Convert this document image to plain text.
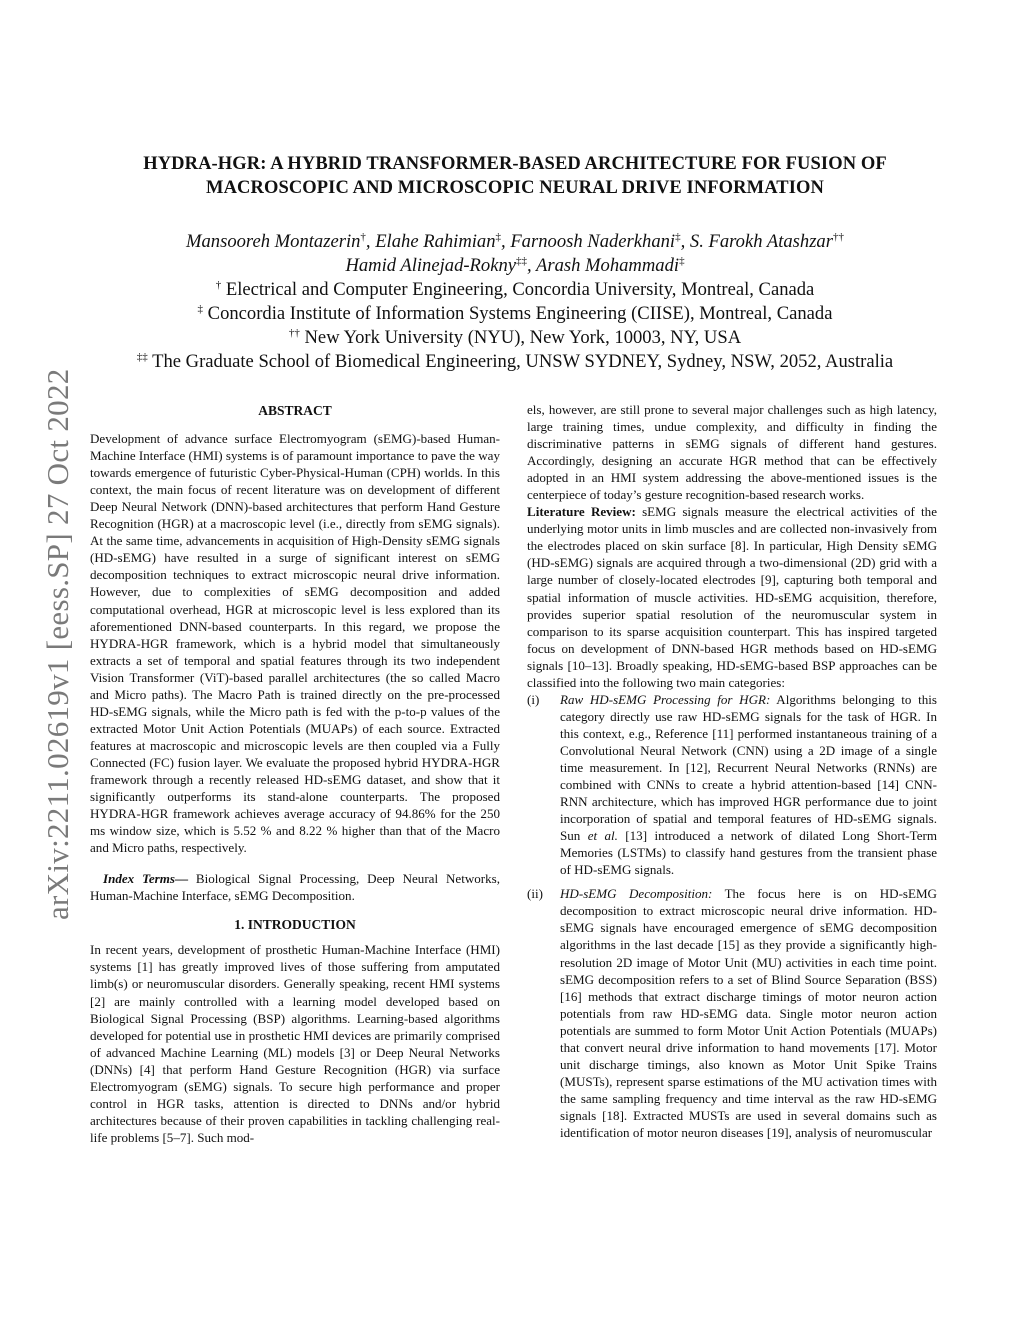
arXiv:2211.02619v1 [eess.SP] 27 Oct 2022
HYDRA-HGR: A HYBRID TRANSFORMER-BASED ARCHITECTURE FOR FUSION OF
MACROSCOPIC AND MICROSCOPIC NEURAL DRIVE INFORMATION
Mansooreh Montazerin†, Elahe Rahimian‡, Farnoosh Naderkhani‡, S. Farokh Atashzar††
Hamid Alinejad-Rokny‡‡, Arash Mohammadi‡
† Electrical and Computer Engineering, Concordia University, Montreal, Canada
‡ Concordia Institute of Information Systems Engineering (CIISE), Montreal, Canada
†† New York University (NYU), New York, 10003, NY, USA
‡‡ The Graduate School of Biomedical Engineering, UNSW SYDNEY, Sydney, NSW, 2052, Australia
ABSTRACT

Development of advance surface Electromyogram (sEMG)-based Human-Machine Interface (HMI) systems is of paramount importance to pave the way towards emergence of futuristic Cyber-Physical-Human (CPH) worlds. In this context, the main focus of recent literature was on development of different Deep Neural Network (DNN)-based architectures that perform Hand Gesture Recognition (HGR) at a macroscopic level (i.e., directly from sEMG signals). At the same time, advancements in acquisition of High-Density sEMG signals (HD-sEMG) have resulted in a surge of significant interest on sEMG decomposition techniques to extract microscopic neural drive information. However, due to complexities of sEMG decomposition and added computational overhead, HGR at microscopic level is less explored than its aforementioned DNN-based counterparts. In this regard, we propose the HYDRA-HGR framework, which is a hybrid model that simultaneously extracts a set of temporal and spatial features through its two independent Vision Transformer (ViT)-based parallel architectures (the so called Macro and Micro paths). The Macro Path is trained directly on the pre-processed HD-sEMG signals, while the Micro path is fed with the p-to-p values of the extracted Motor Unit Action Potentials (MUAPs) of each source. Extracted features at macroscopic and microscopic levels are then coupled via a Fully Connected (FC) fusion layer. We evaluate the proposed hybrid HYDRA-HGR framework through a recently released HD-sEMG dataset, and show that it significantly outperforms its stand-alone counterparts. The proposed HYDRA-HGR framework achieves average accuracy of 94.86% for the 250 ms window size, which is 5.52 % and 8.22 % higher than that of the Macro and Micro paths, respectively.

Index Terms— Biological Signal Processing, Deep Neural Networks, Human-Machine Interface, sEMG Decomposition.

1. INTRODUCTION

In recent years, development of prosthetic Human-Machine Interface (HMI) systems [1] has greatly improved lives of those suffering from amputated limb(s) or neuromuscular disorders. Generally speaking, recent HMI systems [2] are mainly controlled with a learning model developed based on Biological Signal Processing (BSP) algorithms. Learning-based algorithms developed for potential use in prosthetic HMI devices are primarily comprised of advanced Machine Learning (ML) models [3] or Deep Neural Networks (DNNs) [4] that perform Hand Gesture Recognition (HGR) via surface Electromyogram (sEMG) signals. To secure high performance and proper control in HGR tasks, attention is directed to DNNs and/or hybrid architectures because of their proven capabilities in tackling challenging real-life problems [5–7]. Such mod-

els, however, are still prone to several major challenges such as high latency, large training times, undue complexity, and difficulty in finding the discriminative patterns in sEMG signals of different hand gestures. Accordingly, designing an accurate HGR method that can be effectively adopted in an HMI system addressing the above-mentioned issues is the centerpiece of today’s gesture recognition-based research works.

Literature Review: sEMG signals measure the electrical activities of the underlying motor units in limb muscles and are collected non-invasively from the electrodes placed on skin surface [8]. In particular, High Density sEMG (HD-sEMG) signals are acquired through a two-dimensional (2D) grid with a large number of closely-located electrodes [9], capturing both temporal and spatial information of muscle activities. HD-sEMG acquisition, therefore, provides superior spatial resolution of the neuromuscular system in comparison to its sparse acquisition counterpart. This has inspired targeted focus on development of DNN-based HGR methods based on HD-sEMG signals [10–13]. Broadly speaking, HD-sEMG-based BSP approaches can be classified into the following two main categories:

(i) Raw HD-sEMG Processing for HGR: Algorithms belonging to this category directly use raw HD-sEMG signals for the task of HGR. In this context, e.g., Reference [11] performed instantaneous training of a Convolutional Neural Network (CNN) using a 2D image of a single time measurement. In [12], Recurrent Neural Networks (RNNs) are combined with CNNs to create a hybrid attention-based [14] CNN-RNN architecture, which has improved HGR performance due to joint incorporation of spatial and temporal features of HD-sEMG signals. Sun et al. [13] introduced a network of dilated Long Short-Term Memories (LSTMs) to classify hand gestures from the transient phase of HD-sEMG signals.
(ii) HD-sEMG Decomposition: The focus here is on HD-sEMG decomposition to extract microscopic neural drive information. HD-sEMG signals have encouraged emergence of sEMG decomposition algorithms in the last decade [15] as they provide a significantly high-resolution 2D image of Motor Unit (MU) activities in each time point. sEMG decomposition refers to a set of Blind Source Separation (BSS) [16] methods that extract discharge timings of motor neuron action potentials from raw HD-sEMG data. Single motor neuron action potentials are summed to form Motor Unit Action Potentials (MUAPs) that convert neural drive information to hand movements [17]. Motor unit discharge timings, also known as Motor Unit Spike Trains (MUSTs), represent sparse estimations of the MU activation times with the same sampling frequency and time interval as the raw HD-sEMG signals [18]. Extracted MUSTs are used in several domains such as identification of motor neuron diseases [19], analysis of neuromuscular
